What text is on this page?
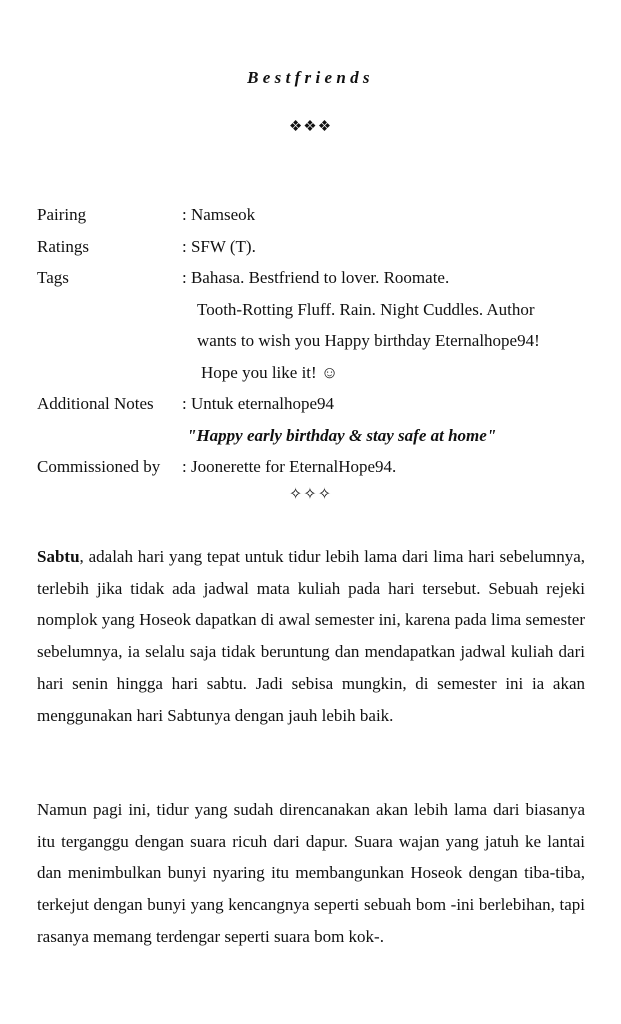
Bestfriends
❖❖❖
Pairing	: Namseok
Ratings	: SFW (T).
Tags	: Bahasa. Bestfriend to lover. Roomate.
Tooth-Rotting Fluff. Rain. Night Cuddles. Author
wants to wish you Happy birthday Eternalhope94!
Hope you like it! ☺
Additional Notes	: Untuk eternalhope94
"Happy early birthday & stay safe at home"
Commissioned by	: Joonerette for EternalHope94.
✧✧✧

Sabtu, adalah hari yang tepat untuk tidur lebih lama dari lima hari sebelumnya, terlebih jika tidak ada jadwal mata kuliah pada hari tersebut. Sebuah rejeki nomplok yang Hoseok dapatkan di awal semester ini, karena pada lima semester sebelumnya, ia selalu saja tidak beruntung dan mendapatkan jadwal kuliah dari hari senin hingga hari sabtu. Jadi sebisa mungkin, di semester ini ia akan menggunakan hari Sabtunya dengan jauh lebih baik.

Namun pagi ini, tidur yang sudah direncanakan akan lebih lama dari biasanya itu terganggu dengan suara ricuh dari dapur. Suara wajan yang jatuh ke lantai dan menimbulkan bunyi nyaring itu membangunkan Hoseok dengan tiba-tiba, terkejut dengan bunyi yang kencangnya seperti sebuah bom -ini berlebihan, tapi rasanya memang terdengar seperti suara bom kok-.
